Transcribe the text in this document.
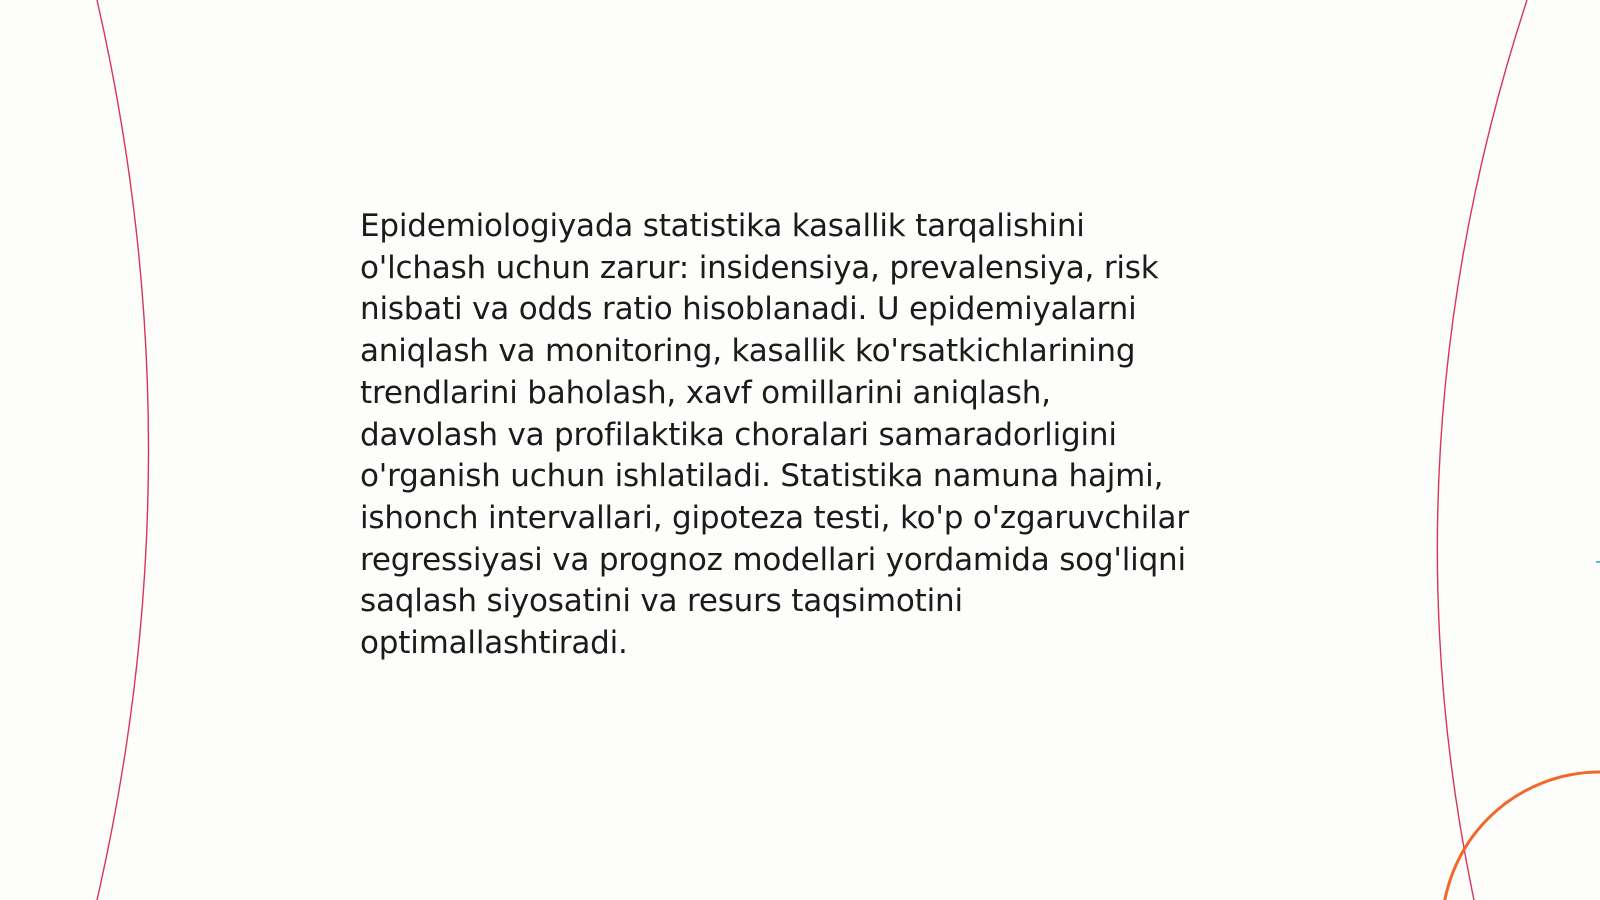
Epidemiologiyada statistika kasallik tarqalishini
o'lchash uchun zarur: insidensiya, prevalensiya, risk
nisbati va odds ratio hisoblanadi. U epidemiyalarni
aniqlash va monitoring, kasallik ko'rsatkichlarining
trendlarini baholash, xavf omillarini aniqlash,
davolash va profilaktika choralari samaradorligini
o'rganish uchun ishlatiladi. Statistika namuna hajmi,
ishonch intervallari, gipoteza testi, ko'p o'zgaruvchilar
regressiyasi va prognoz modellari yordamida sog'liqni
saqlash siyosatini va resurs taqsimotini
optimallashtiradi.
